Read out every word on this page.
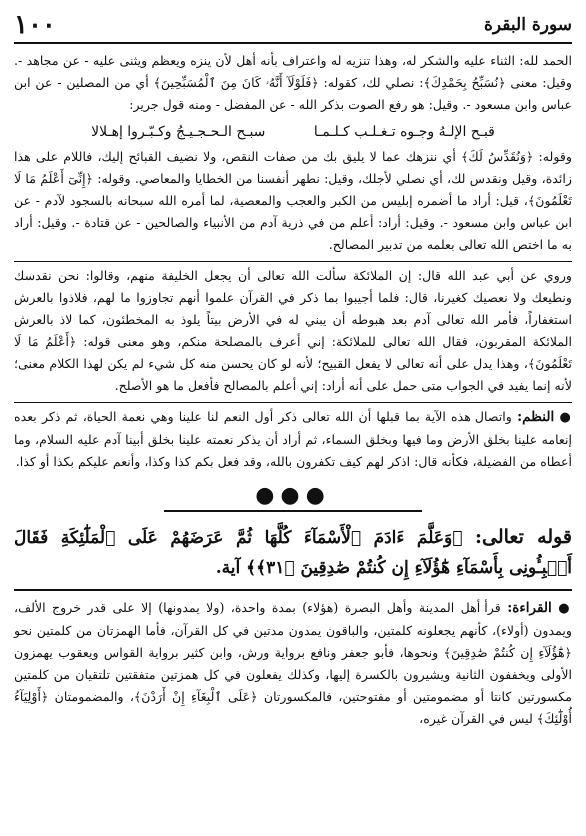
سورة البقرة
١٠٠

الحمد لله: الثناء عليه والشكر له، وهذا تنزيه له واعتراف بأنه أهل لأن ينزه ويعظم ويثنى عليه - عن مجاهد -. وقيل: معنى ﴿نُسَبِّحُ بِحَمْدِكَ﴾: نصلي لك، كقوله: ﴿فَلَوْلَآ أَنَّهُۥ كَانَ مِنَ ٱلْمُسَبِّحِينَ﴾ أي من المصلين - عن ابن عباس وابن مسعود -. وقيل: هو رفع الصوت بذكر الله - عن المفضل - ومنه قول جرير:

قبـح الإلـهُ وجـوه تـغـلـب كـلـمـا سبـح الـحـجـيـجُ وكـبّـروا إهـلالا

وقوله: ﴿وَنُقَدِّسُ لَكَ﴾ أي ننزهك عما لا يليق بك من صفات النقص، ولا نضيف القبائح إليك، فاللام على هذا زائدة، وقيل ونقدس لك، أي نصلي لأجلك، وقيل: نطهر أنفسنا من الخطايا والمعاصي. وقوله: ﴿إِنِّىٓ أَعْلَمُ مَا لَا تَعْلَمُونَ﴾، قيل: أراد ما أضمره إبليس من الكبر والعجب والمعصية، لما أمره الله سبحانه بالسجود لآدم - عن ابن عباس وابن مسعود -. وقيل: أراد: أعلم من في ذرية آدم من الأنبياء والصالحين - عن قتادة -. وقيل: أراد به ما اختص الله تعالى بعلمه من تدبير المصالح.

وروي عن أبي عبد الله قال: إن الملائكة سألت الله تعالى أن يجعل الخليفة منهم، وقالوا: نحن نقدسك ونطيعك ولا نعصيك كغيرنا، قال: فلما أجيبوا بما ذكر في القرآن علموا أنهم تجاوزوا ما لهم، فلاذوا بالعرش استغفاراً، فأمر الله تعالى آدم بعد هبوطه أن يبني له في الأرض بيتاً يلوذ به المخطئون، كما لاذ بالعرش الملائكة المقربون، فقال الله تعالى للملائكة: إني أعرف بالمصلحة منكم، وهو معنى قوله: ﴿أَعْلَمُ مَا لَا تَعْلَمُونَ﴾، وهذا يدل على أنه تعالى لا يفعل القبيح؛ لأنه لو كان يحسن منه كل شيء لم يكن لهذا الكلام معنى؛ لأنه إنما يفيد في الجواب متى حمل على أنه أراد: إني أعلم بالمصالح فأفعل ما هو الأصلح.

● النظم: واتصال هذه الآية بما قبلها أن الله تعالى ذكر أول النعم لنا علينا وهي نعمة الحياة، ثم ذكر بعده إنعامه علينا بخلق الأرض وما فيها وبخلق السماء، ثم أراد أن يذكر نعمته علينا بخلق أبينا آدم عليه السلام، وما أعطاه من الفضيلة، فكأنه قال: اذكر لهم كيف تكفرون بالله، وقد فعل بكم كذا وكذا، وأنعم عليكم بكذا أو كذا.

●●●
قوله تعالى: ﴿وَعَلَّمَ ءَادَمَ ٱلْأَسْمَآءَ كُلَّهَا ثُمَّ عَرَضَهُمْ عَلَى ٱلْمَلَٰٓئِكَةِ فَقَالَ أَنۢبِـُٔونِى بِأَسْمَآءِ هَٰٓؤُلَآءِ إِن كُنتُمْ صَٰدِقِينَ ﴿٣١﴾﴾ آية.

● القراءة: قرأ أهل المدينة وأهل البصرة (هؤلاء) بمدة واحدة، (ولا يمدونها) إلا على قدر خروج الألف، ويمدون (أولاء)، كأنهم يجعلونه كلمتين، والباقون يمدون مدتين في كل القرآن، فأما الهمزتان من كلمتين نحو ﴿هَٰٓؤُلَآءِ إِن كُنتُمْ صَٰدِقِينَ﴾ ونحوها، فأبو جعفر ونافع برواية ورش، وابن كثير برواية القواس ويعقوب يهمزون الأولى ويخففون الثانية ويشيرون بالكسرة إليها، وكذلك يفعلون في كل همزتين متفقتين تلتقيان من كلمتين مكسورتين كانتا أو مضمومتين أو مفتوحتين، فالمكسورتان ﴿عَلَى ٱلْبِغَآءِ إِنْ أَرَدْنَ﴾، والمضمومتان ﴿أَوْلِيَآءُ أُوْلَٰٓئِكَ﴾ ليس في القرآن غيره،
